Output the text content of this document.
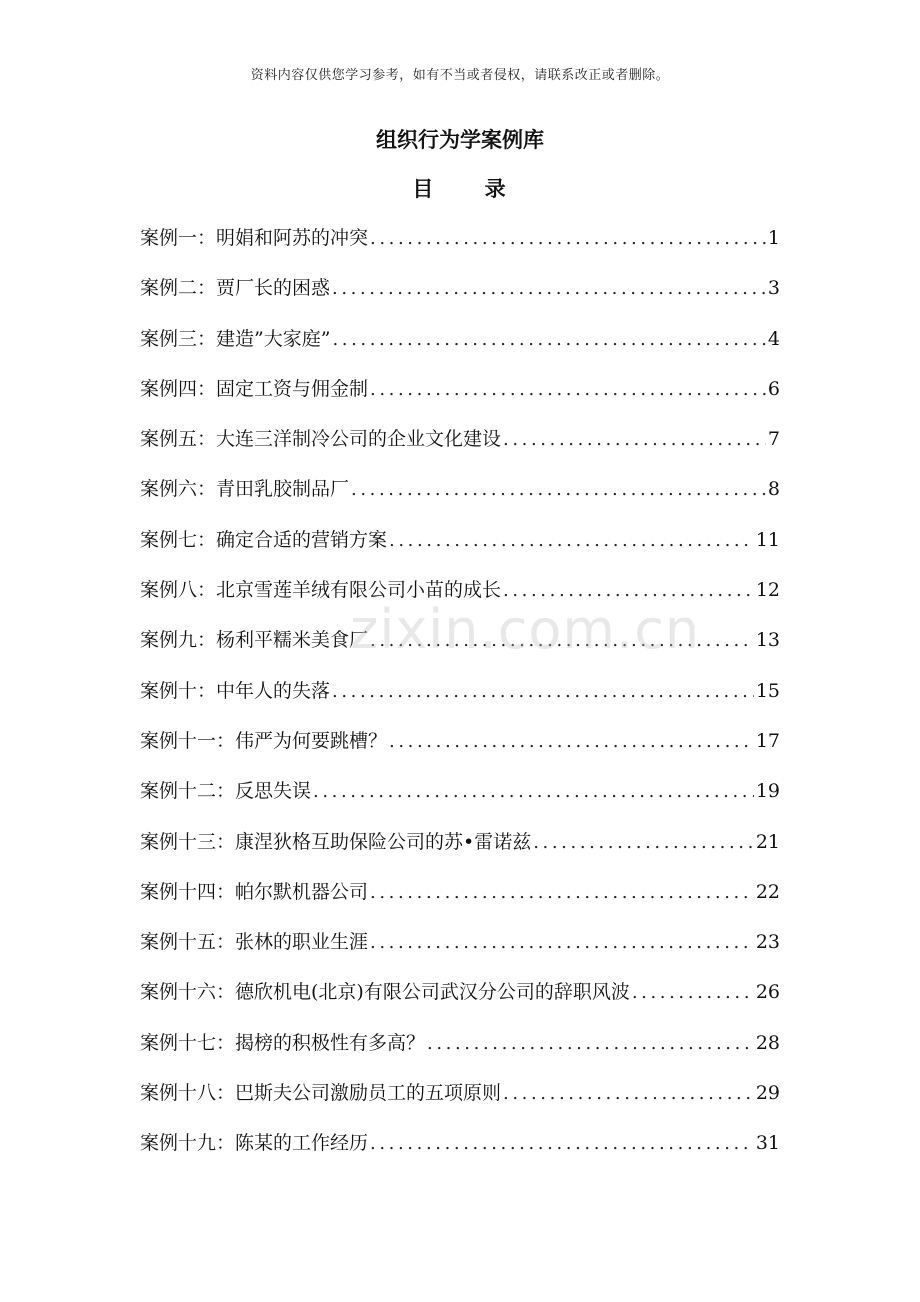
资料内容仅供您学习参考，如有不当或者侵权，请联系改正或者删除。
组织行为学案例库
目 录
案例一：明娟和阿苏的冲突 .....	1
案例二：贾厂长的困惑 .....	3
案例三：建造”大家庭” .....	4
案例四：固定工资与佣金制 .....	6
案例五：大连三洋制冷公司的企业文化建设 .....	7
案例六：青田乳胶制品厂 .....	8
案例七：确定合适的营销方案 .....	11
案例八：北京雪莲羊绒有限公司小苗的成长 .....	12
案例九：杨利平糯米美食厂 .....	13
案例十：中年人的失落 .....	15
案例十一：伟严为何要跳槽？ .....	17
案例十二：反思失误 .....	19
案例十三：康涅狄格互助保险公司的苏•雷诺兹 .....	21
案例十四：帕尔默机器公司 .....	22
案例十五：张林的职业生涯 .....	23
案例十六：德欣机电(北京)有限公司武汉分公司的辞职风波 .....	26
案例十七：揭榜的积极性有多高？ .....	28
案例十八：巴斯夫公司激励员工的五项原则 .....	29
案例十九：陈某的工作经历 .....	31
zixin.com.cn
